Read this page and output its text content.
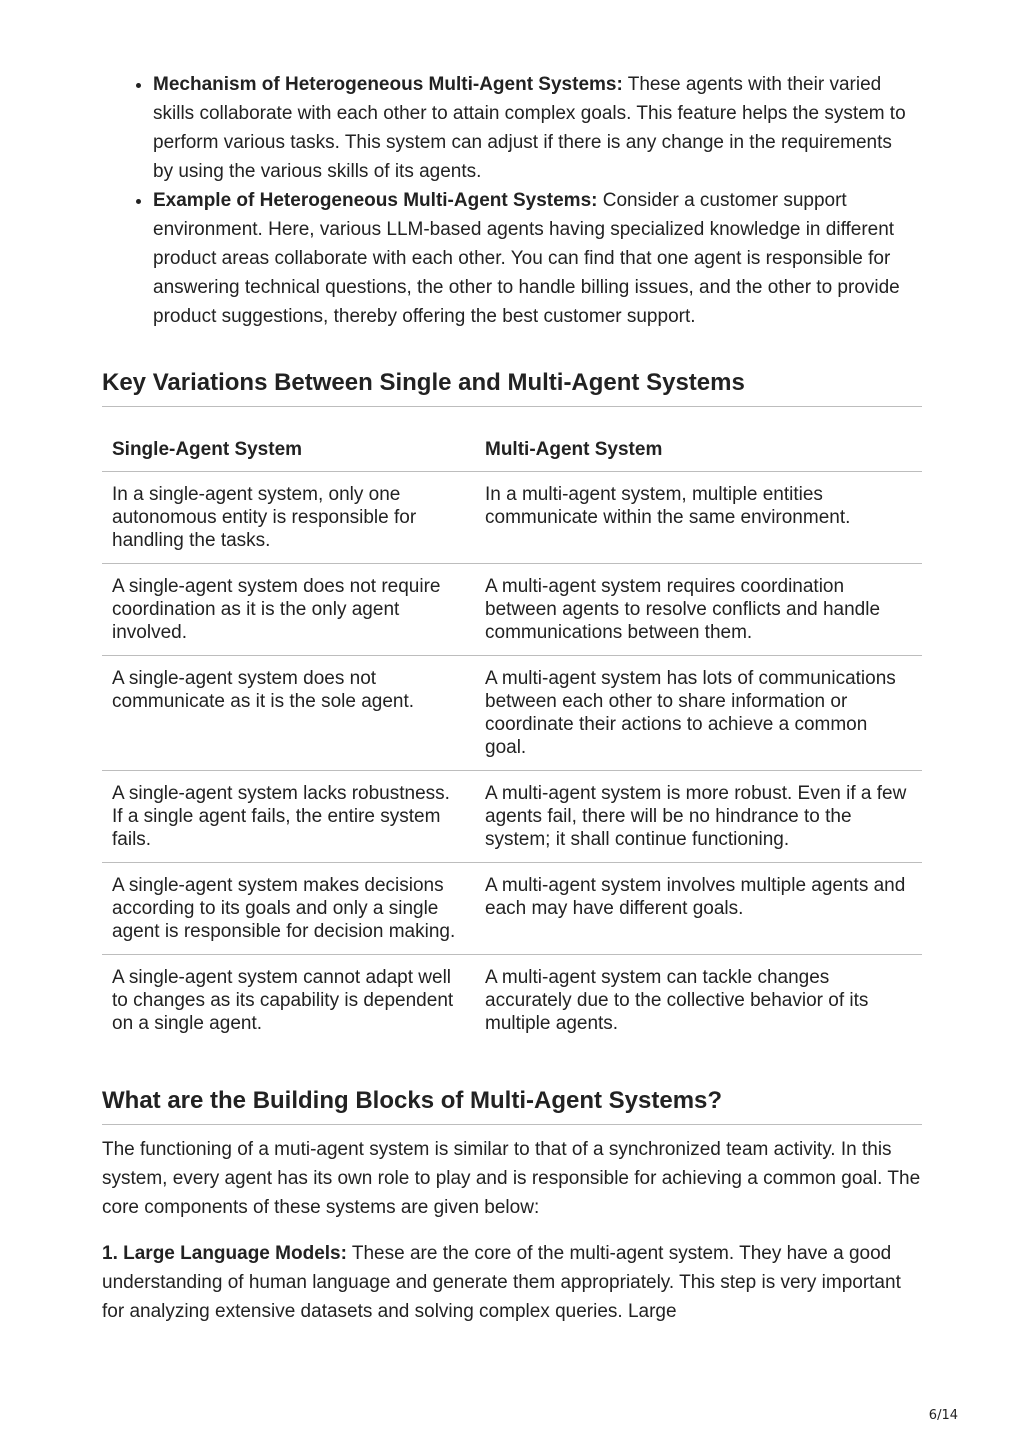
• Mechanism of Heterogeneous Multi-Agent Systems: These agents with their varied skills collaborate with each other to attain complex goals. This feature helps the system to perform various tasks. This system can adjust if there is any change in the requirements by using the various skills of its agents.
• Example of Heterogeneous Multi-Agent Systems: Consider a customer support environment. Here, various LLM-based agents having specialized knowledge in different product areas collaborate with each other. You can find that one agent is responsible for answering technical questions, the other to handle billing issues, and the other to provide product suggestions, thereby offering the best customer support.
Key Variations Between Single and Multi-Agent Systems
Single-Agent System	Multi-Agent System
In a single-agent system, only one autonomous entity is responsible for handling the tasks.	In a multi-agent system, multiple entities communicate within the same environment.
A single-agent system does not require coordination as it is the only agent involved.	A multi-agent system requires coordination between agents to resolve conflicts and handle communications between them.
A single-agent system does not communicate as it is the sole agent.	A multi-agent system has lots of communications between each other to share information or coordinate their actions to achieve a common goal.
A single-agent system lacks robustness. If a single agent fails, the entire system fails.	A multi-agent system is more robust. Even if a few agents fail, there will be no hindrance to the system; it shall continue functioning.
A single-agent system makes decisions according to its goals and only a single agent is responsible for decision making.	A multi-agent system involves multiple agents and each may have different goals.
A single-agent system cannot adapt well to changes as its capability is dependent on a single agent.	A multi-agent system can tackle changes accurately due to the collective behavior of its multiple agents.
What are the Building Blocks of Multi-Agent Systems?

The functioning of a muti-agent system is similar to that of a synchronized team activity. In this system, every agent has its own role to play and is responsible for achieving a common goal. The core components of these systems are given below:

1. Large Language Models: These are the core of the multi-agent system. They have a good understanding of human language and generate them appropriately. This step is very important for analyzing extensive datasets and solving complex queries. Large

6/14
